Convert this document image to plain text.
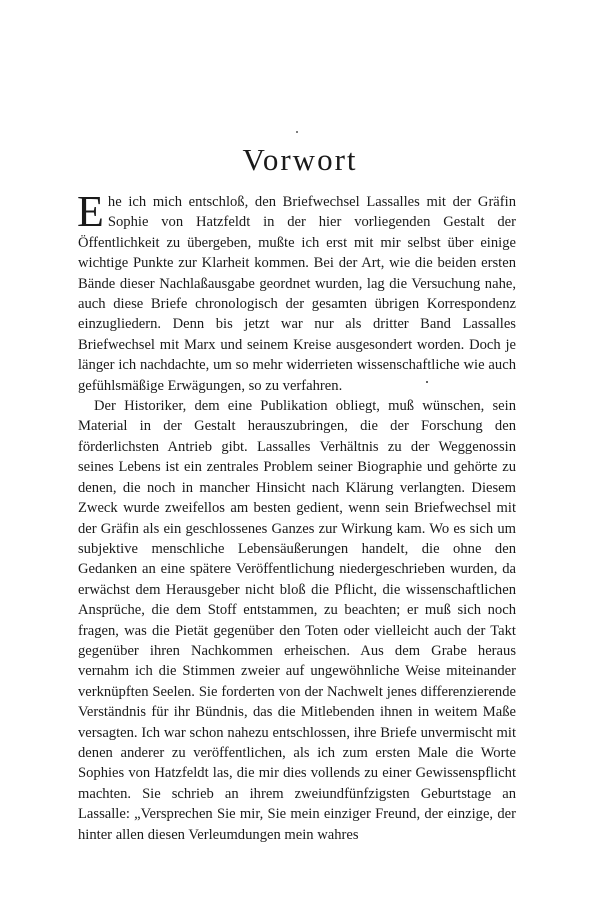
Vorwort

Ehe ich mich entschloß, den Briefwechsel Lassalles mit der Gräfin Sophie von Hatzfeldt in der hier vorliegenden Gestalt der Öffentlichkeit zu übergeben, mußte ich erst mit mir selbst über einige wichtige Punkte zur Klarheit kommen. Bei der Art, wie die beiden ersten Bände dieser Nachlaßausgabe geordnet wurden, lag die Versuchung nahe, auch diese Briefe chronologisch der gesamten übrigen Korrespondenz einzugliedern. Denn bis jetzt war nur als dritter Band Lassalles Briefwechsel mit Marx und seinem Kreise ausgesondert worden. Doch je länger ich nachdachte, um so mehr widerrieten wissenschaftliche wie auch gefühlsmäßige Erwägungen, so zu verfahren.

Der Historiker, dem eine Publikation obliegt, muß wünschen, sein Material in der Gestalt herauszubringen, die der Forschung den förderlichsten Antrieb gibt. Lassalles Verhältnis zu der Weggenossin seines Lebens ist ein zentrales Problem seiner Biographie und gehörte zu denen, die noch in mancher Hinsicht nach Klärung verlangten. Diesem Zweck wurde zweifellos am besten gedient, wenn sein Briefwechsel mit der Gräfin als ein geschlossenes Ganzes zur Wirkung kam. Wo es sich um subjektive menschliche Lebensäußerungen handelt, die ohne den Gedanken an eine spätere Veröffentlichung niedergeschrieben wurden, da erwächst dem Herausgeber nicht bloß die Pflicht, die wissenschaftlichen Ansprüche, die dem Stoff entstammen, zu beachten; er muß sich noch fragen, was die Pietät gegenüber den Toten oder vielleicht auch der Takt gegenüber ihren Nachkommen erheischen. Aus dem Grabe heraus vernahm ich die Stimmen zweier auf ungewöhnliche Weise miteinander verknüpften Seelen. Sie forderten von der Nachwelt jenes differenzierende Verständnis für ihr Bündnis, das die Mitlebenden ihnen in weitem Maße versagten. Ich war schon nahezu entschlossen, ihre Briefe unvermischt mit denen anderer zu veröffentlichen, als ich zum ersten Male die Worte Sophies von Hatzfeldt las, die mir dies vollends zu einer Gewissenspflicht machten. Sie schrieb an ihrem zweiundfünfzigsten Geburtstage an Lassalle: „Versprechen Sie mir, Sie mein einziger Freund, der einzige, der hinter allen diesen Verleumdungen mein wahres
